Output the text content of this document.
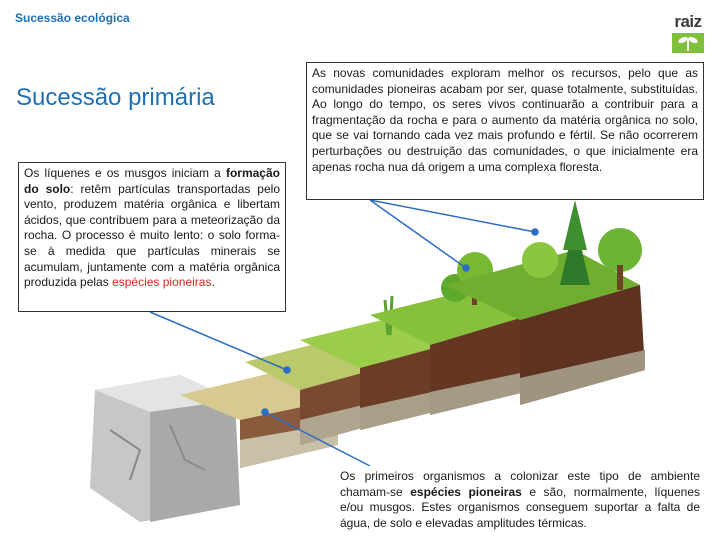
Sucessão ecológica	raiz
Sucessão primária
Os líquenes e os musgos iniciam a formação do solo: retêm partículas transportadas pelo vento, produzem matéria orgânica e libertam ácidos, que contribuem para a meteorização da rocha. O processo é muito lento: o solo forma-se à medida que partículas minerais se acumulam, juntamente com a matéria orgânica produzida pelas espécies pioneiras.
As novas comunidades exploram melhor os recursos, pelo que as comunidades pioneiras acabam por ser, quase totalmente, substituídas. Ao longo do tempo, os seres vivos continuarão a contribuir para a fragmentação da rocha e para o aumento da matéria orgânica no solo, que se vai tornando cada vez mais profundo e fértil. Se não ocorrerem perturbações ou destruição das comunidades, o que inicialmente era apenas rocha nua dá origem a uma complexa floresta.
Os primeiros organismos a colonizar este tipo de ambiente chamam-se espécies pioneiras e são, normalmente, líquenes e/ou musgos. Estes organismos conseguem suportar a falta de água, de solo e elevadas amplitudes térmicas.
